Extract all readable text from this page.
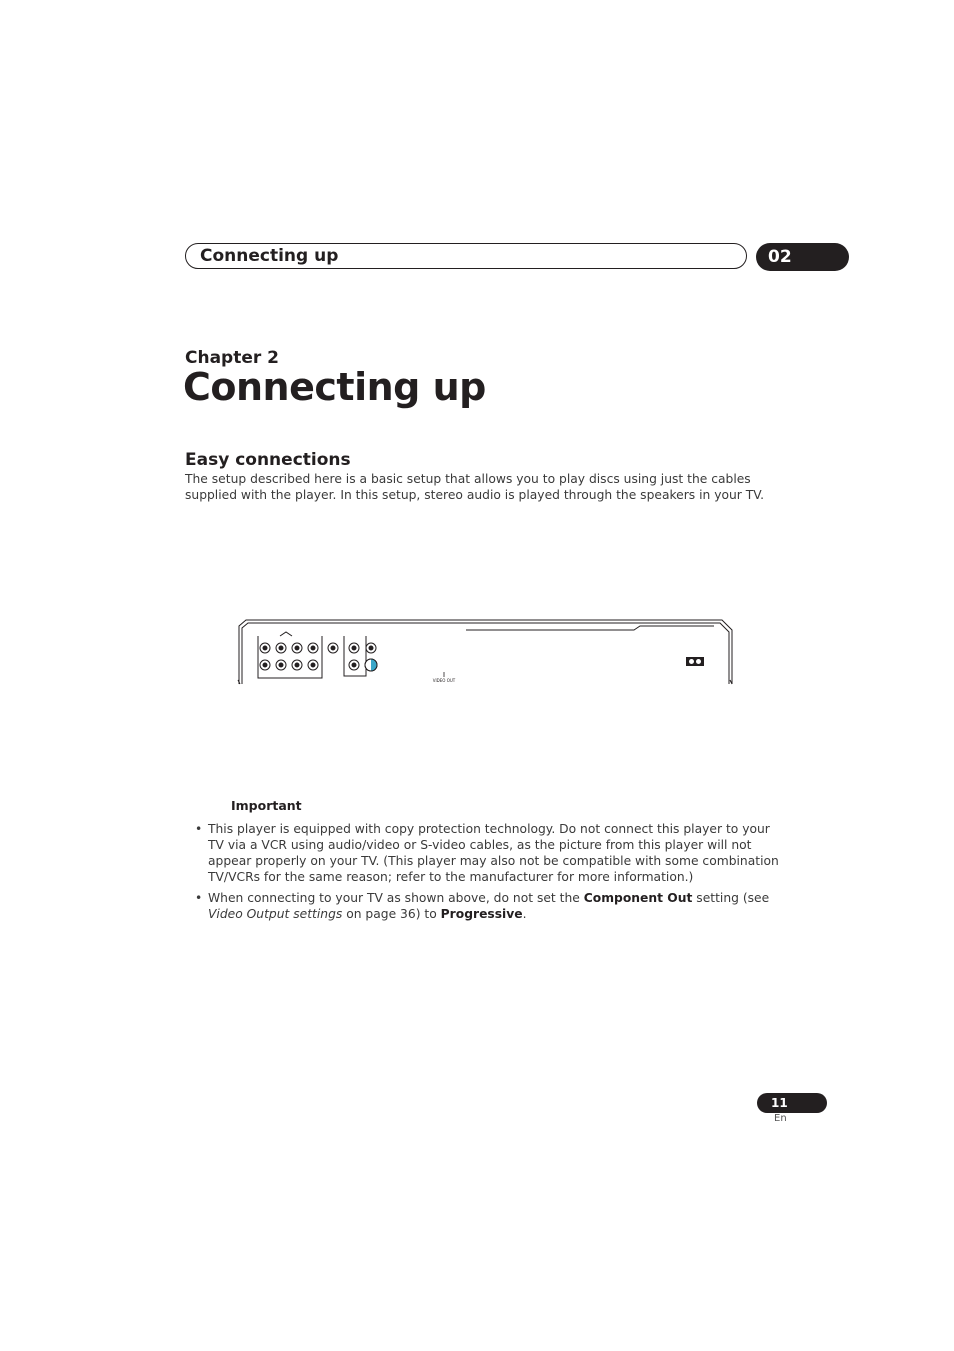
Connecting up	02
Chapter 2
Connecting up
Easy connections

The setup described here is a basic setup that allows you to play discs using just the cables

supplied with the player. In this setup, stereo audio is played through the speakers in your TV.

VIDEO OUT
Important
• This player is equipped with copy protection technology. Do not connect this player to your TV via a VCR using audio/video or S-video cables, as the picture from this player will not appear properly on your TV. (This player may also not be compatible with some combination TV/VCRs for the same reason; refer to the manufacturer for more information.)
• When connecting to your TV as shown above, do not set the Component Out setting (see Video Output settings on page 36) to Progressive.
11
En
